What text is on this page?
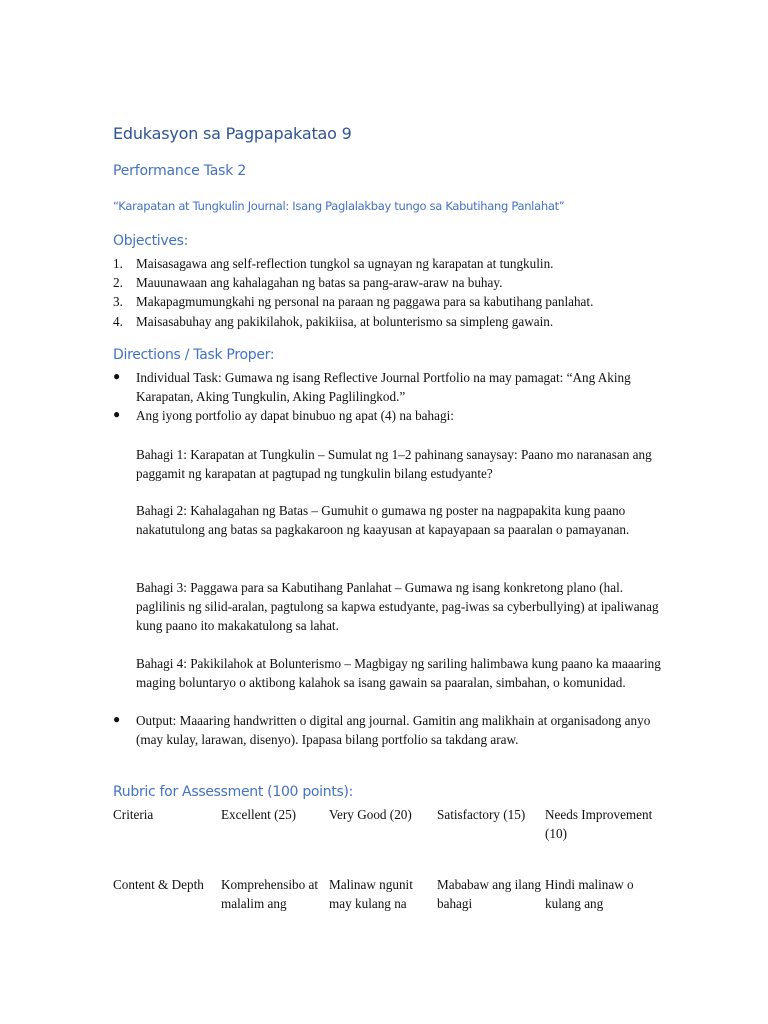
Edukasyon sa Pagpapakatao 9
Performance Task 2
“Karapatan at Tungkulin Journal: Isang Paglalakbay tungo sa Kabutihang Panlahat”
Objectives:
1. Maisasagawa ang self-reflection tungkol sa ugnayan ng karapatan at tungkulin.
2. Mauunawaan ang kahalagahan ng batas sa pang-araw-araw na buhay.
3. Makapagmumungkahi ng personal na paraan ng paggawa para sa kabutihang panlahat.
4. Maisasabuhay ang pakikilahok, pakikiisa, at bolunterismo sa simpleng gawain.
Directions / Task Proper:
● Individual Task: Gumawa ng isang Reflective Journal Portfolio na may pamagat: “Ang Aking Karapatan, Aking Tungkulin, Aking Paglilingkod.”
● Ang iyong portfolio ay dapat binubuo ng apat (4) na bahagi:
Bahagi 1: Karapatan at Tungkulin – Sumulat ng 1–2 pahinang sanaysay: Paano mo naranasan ang paggamit ng karapatan at pagtupad ng tungkulin bilang estudyante?
Bahagi 2: Kahalagahan ng Batas – Gumuhit o gumawa ng poster na nagpapakita kung paano nakatutulong ang batas sa pagkakaroon ng kaayusan at kapayapaan sa paaralan o pamayanan.
Bahagi 3: Paggawa para sa Kabutihang Panlahat – Gumawa ng isang konkretong plano (hal. paglilinis ng silid-aralan, pagtulong sa kapwa estudyante, pag-iwas sa cyberbullying) at ipaliwanag kung paano ito makakatulong sa lahat.
Bahagi 4: Pakikilahok at Bolunterismo – Magbigay ng sariling halimbawa kung paano ka maaaring maging boluntaryo o aktibong kalahok sa isang gawain sa paaralan, simbahan, o komunidad.
●	Output: Maaaring handwritten o digital ang journal. Gamitin ang malikhain at organisadong anyo (may kulay, larawan, disenyo). Ipapasa bilang portfolio sa takdang araw.
Rubric for Assessment (100 points):
Criteria	Excellent (25)	Very Good (20)	Satisfactory (15)	Needs Improvement (10)
Content & Depth	Komprehensibo at malalim ang	Malinaw ngunit may kulang na	Mababaw ang ilang bahagi	Hindi malinaw o kulang ang
